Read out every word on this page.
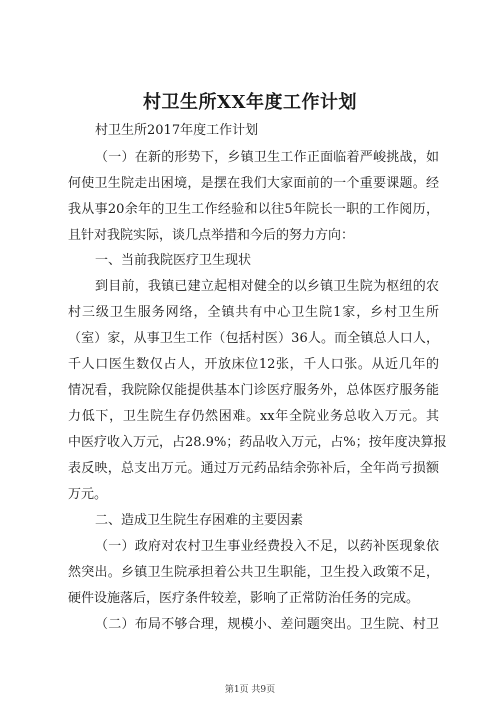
村卫生所XX年度工作计划
村卫生所2017年度工作计划
（一）在新的形势下，乡镇卫生工作正面临着严峻挑战，如
何使卫生院走出困境，是摆在我们大家面前的一个重要课题。经
我从事20余年的卫生工作经验和以往5年院长一职的工作阅历，
且针对我院实际，谈几点举措和今后的努力方向：
一、当前我院医疗卫生现状
到目前，我镇已建立起相对健全的以乡镇卫生院为枢纽的农
村三级卫生服务网络，全镇共有中心卫生院1家，乡村卫生所
（室）家，从事卫生工作（包括村医）36人。而全镇总人口人，
千人口医生数仅占人，开放床位12张，千人口张。从近几年的
情况看，我院除仅能提供基本门诊医疗服务外，总体医疗服务能
力低下，卫生院生存仍然困难。xx年全院业务总收入万元。其
中医疗收入万元，占28.9%；药品收入万元，占%；按年度决算报
表反映，总支出万元。通过万元药品结余弥补后，全年尚亏损额
万元。
二、造成卫生院生存困难的主要因素
（一）政府对农村卫生事业经费投入不足，以药补医现象依
然突出。乡镇卫生院承担着公共卫生职能，卫生投入政策不足，
硬件设施落后，医疗条件较差，影响了正常防治任务的完成。
（二）布局不够合理，规模小、差问题突出。卫生院、村卫
第1页 共9页
